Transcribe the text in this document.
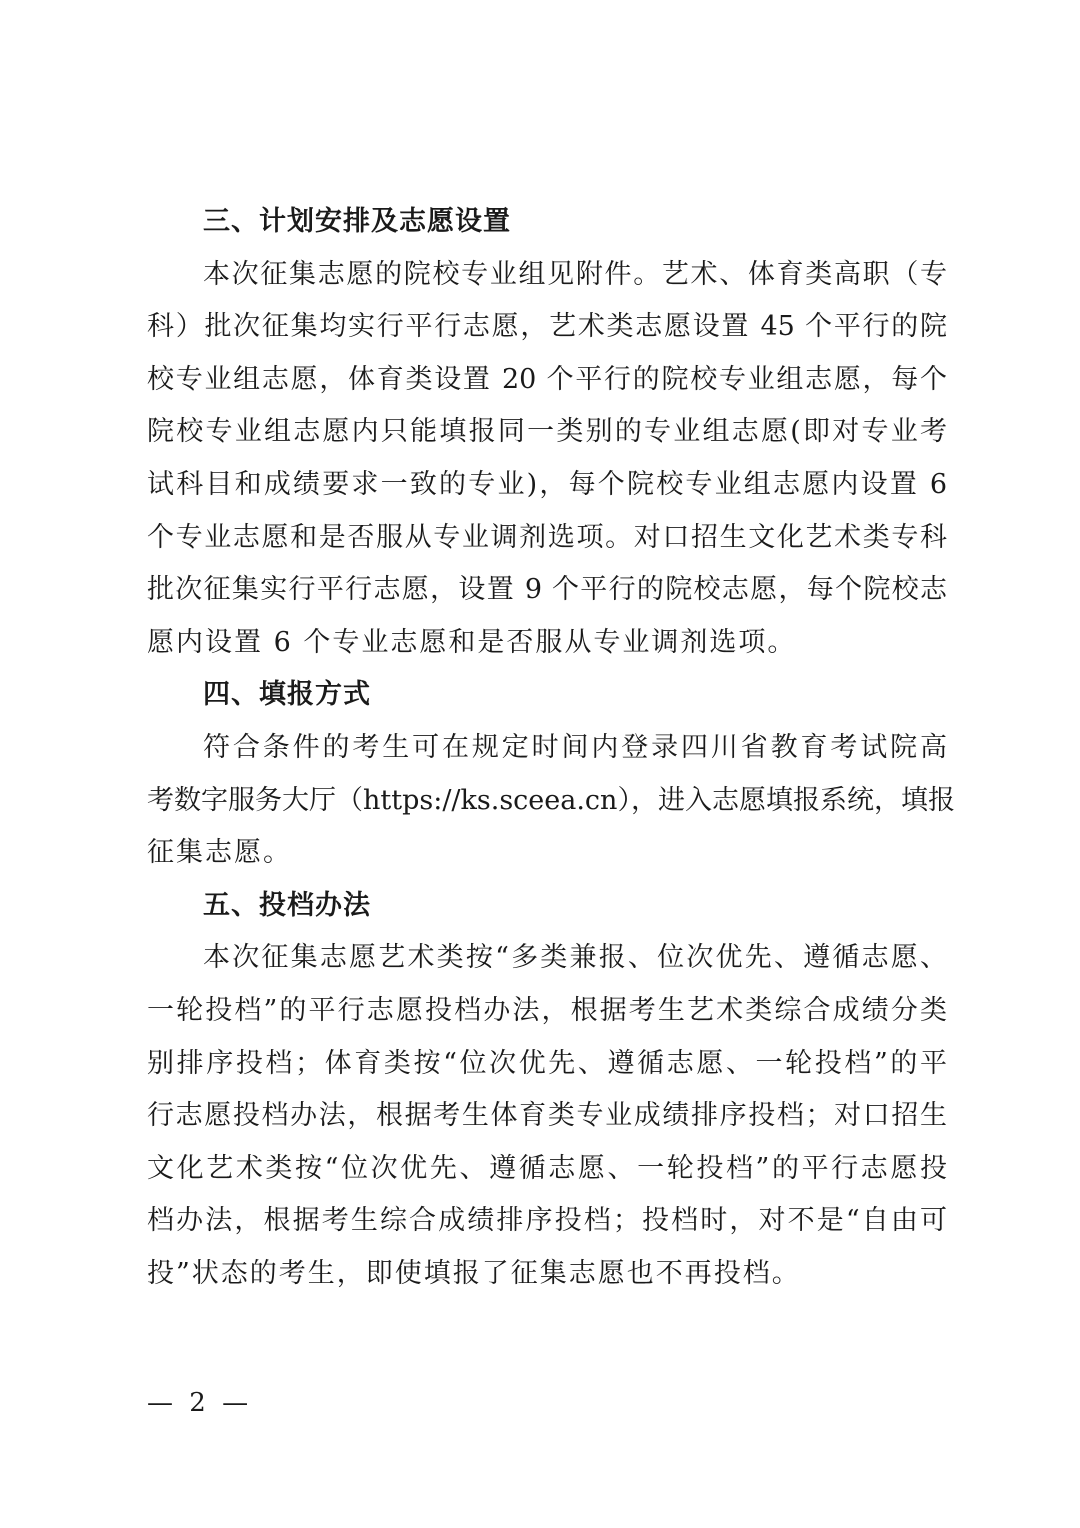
三、计划安排及志愿设置

本次征集志愿的院校专业组见附件。艺术、体育类高职（专
科）批次征集均实行平行志愿，艺术类志愿设置 45 个平行的院
校专业组志愿，体育类设置 20 个平行的院校专业组志愿，每个
院校专业组志愿内只能填报同一类别的专业组志愿(即对专业考
试科目和成绩要求一致的专业)，每个院校专业组志愿内设置 6
个专业志愿和是否服从专业调剂选项。对口招生文化艺术类专科
批次征集实行平行志愿，设置 9 个平行的院校志愿，每个院校志
愿内设置 6 个专业志愿和是否服从专业调剂选项。

四、填报方式

符合条件的考生可在规定时间内登录四川省教育考试院高
考数字服务大厅（https://ks.sceea.cn），进入志愿填报系统，填报
征集志愿。

五、投档办法

本次征集志愿艺术类按“多类兼报、位次优先、遵循志愿、
一轮投档”的平行志愿投档办法，根据考生艺术类综合成绩分类
别排序投档；体育类按“位次优先、遵循志愿、一轮投档”的平
行志愿投档办法，根据考生体育类专业成绩排序投档；对口招生
文化艺术类按“位次优先、遵循志愿、一轮投档”的平行志愿投
档办法，根据考生综合成绩排序投档；投档时，对不是“自由可
投”状态的考生，即使填报了征集志愿也不再投档。

— 2 —
